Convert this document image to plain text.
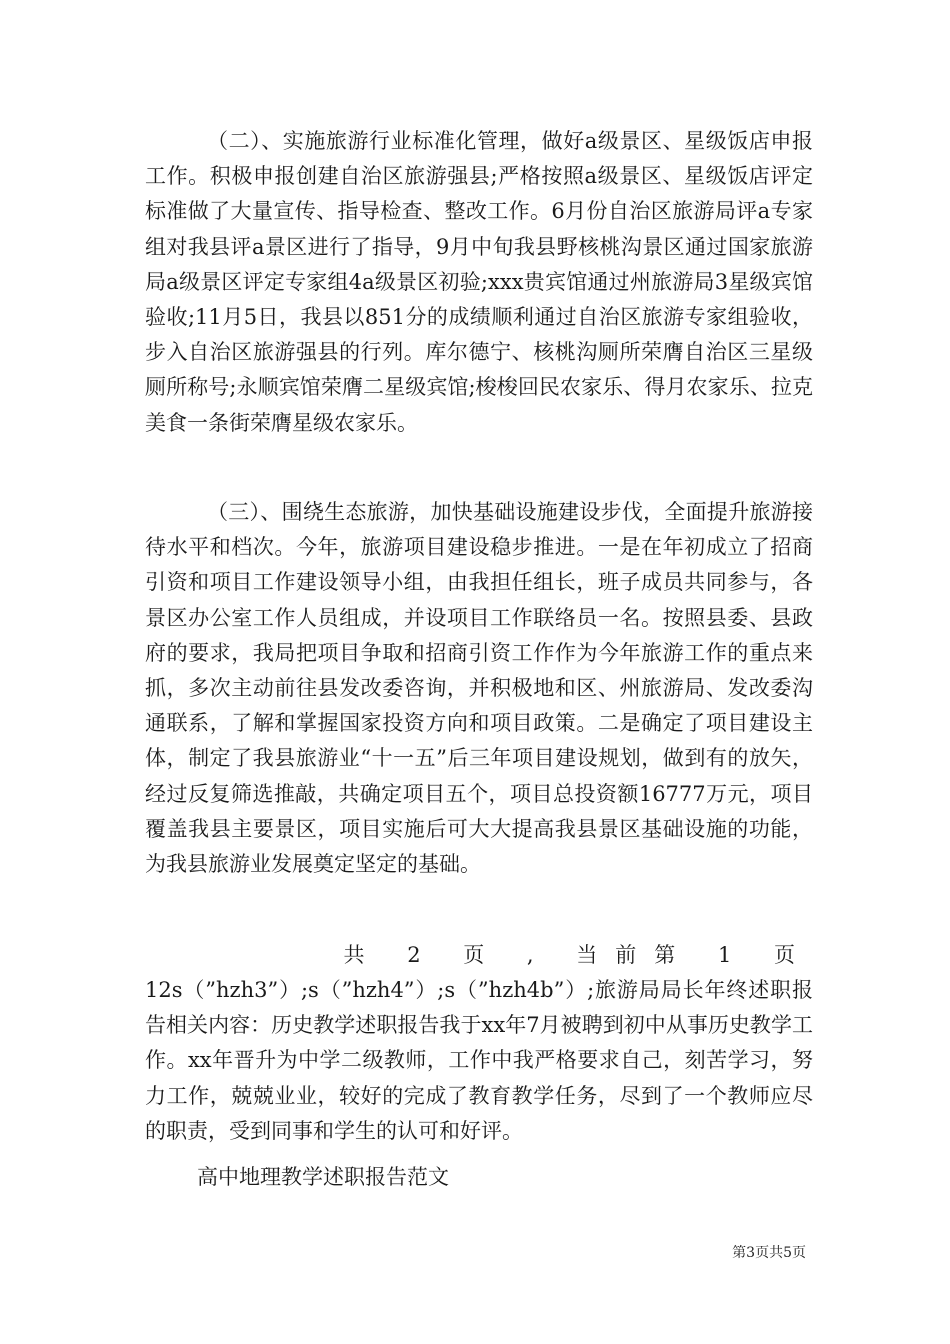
（二）、实施旅游行业标准化管理，做好a级景区、星级饭店申报工作。积极申报创建自治区旅游强县;严格按照a级景区、星级饭店评定标准做了大量宣传、指导检查、整改工作。6月份自治区旅游局评a专家组对我县评a景区进行了指导，9月中旬我县野核桃沟景区通过国家旅游局a级景区评定专家组4a级景区初验;xxx贵宾馆通过州旅游局3星级宾馆验收;11月5日，我县以851分的成绩顺利通过自治区旅游专家组验收，步入自治区旅游强县的行列。库尔德宁、核桃沟厕所荣膺自治区三星级厕所称号;永顺宾馆荣膺二星级宾馆;梭梭回民农家乐、得月农家乐、拉克美食一条街荣膺星级农家乐。

（三）、围绕生态旅游，加快基础设施建设步伐，全面提升旅游接待水平和档次。今年，旅游项目建设稳步推进。一是在年初成立了招商引资和项目工作建设领导小组，由我担任组长，班子成员共同参与，各景区办公室工作人员组成，并设项目工作联络员一名。按照县委、县政府的要求，我局把项目争取和招商引资工作作为今年旅游工作的重点来抓，多次主动前往县发改委咨询，并积极地和区、州旅游局、发改委沟通联系，了解和掌握国家投资方向和项目政策。二是确定了项目建设主体，制定了我县旅游业“十一五”后三年项目建设规划，做到有的放矢，经过反复筛选推敲，共确定项目五个，项目总投资额16777万元，项目覆盖我县主要景区，项目实施后可大大提高我县景区基础设施的功能，为我县旅游业发展奠定坚定的基础。

共 2 页 , 当前第 1 页

12s（”hzh3”）;s（”hzh4”）;s（”hzh4b”）;旅游局局长年终述职报告相关内容：历史教学述职报告我于xx年7月被聘到初中从事历史教学工作。xx年晋升为中学二级教师，工作中我严格要求自己，刻苦学习，努力工作，兢兢业业，较好的完成了教育教学任务，尽到了一个教师应尽的职责，受到同事和学生的认可和好评。

高中地理教学述职报告范文

第3页共5页
